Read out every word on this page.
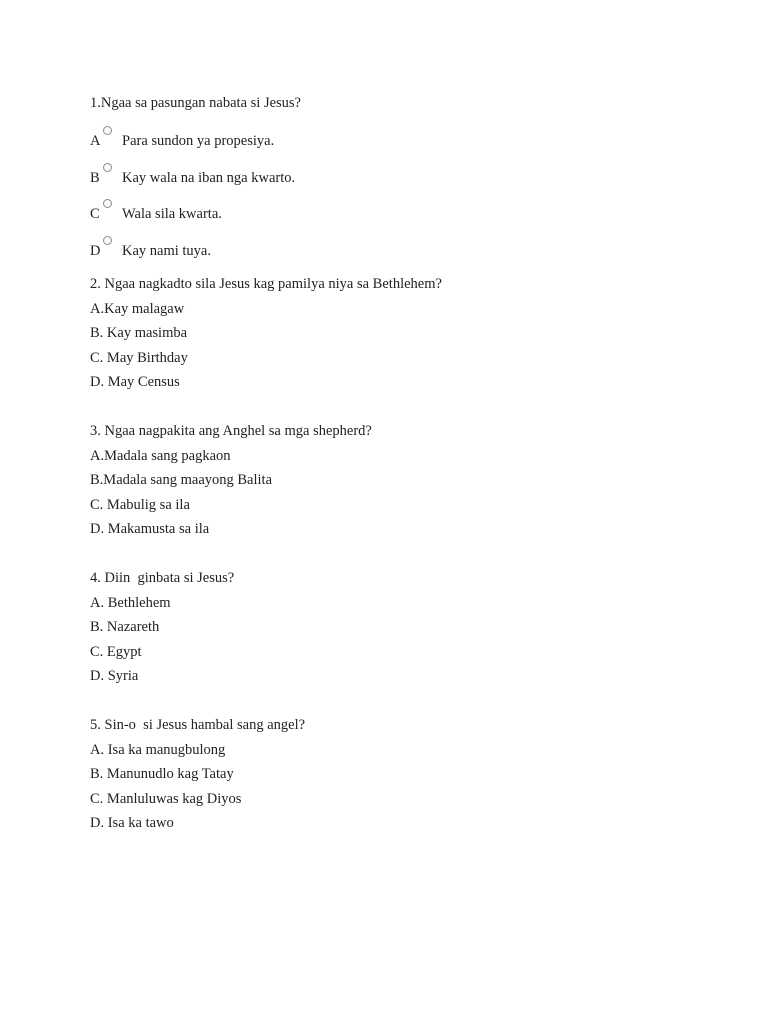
1.Ngaa sa pasungan nabata si Jesus?
A Para sundon ya propesiya.
B Kay wala na iban nga kwarto.
C Wala sila kwarta.
D Kay nami tuya.
2. Ngaa nagkadto sila Jesus kag pamilya niya sa Bethlehem?
A.Kay malagaw
B. Kay masimba
C. May Birthday
D. May Census
3. Ngaa nagpakita ang Anghel sa mga shepherd?
A.Madala sang pagkaon
B.Madala sang maayong Balita
C. Mabulig sa ila
D. Makamusta sa ila
4. Diin  ginbata si Jesus?
A. Bethlehem
B. Nazareth
C. Egypt
D. Syria
5. Sin-o  si Jesus hambal sang angel?
A. Isa ka manugbulong
B. Manunudlo kag Tatay
C. Manluluwas kag Diyos
D. Isa ka tawo
